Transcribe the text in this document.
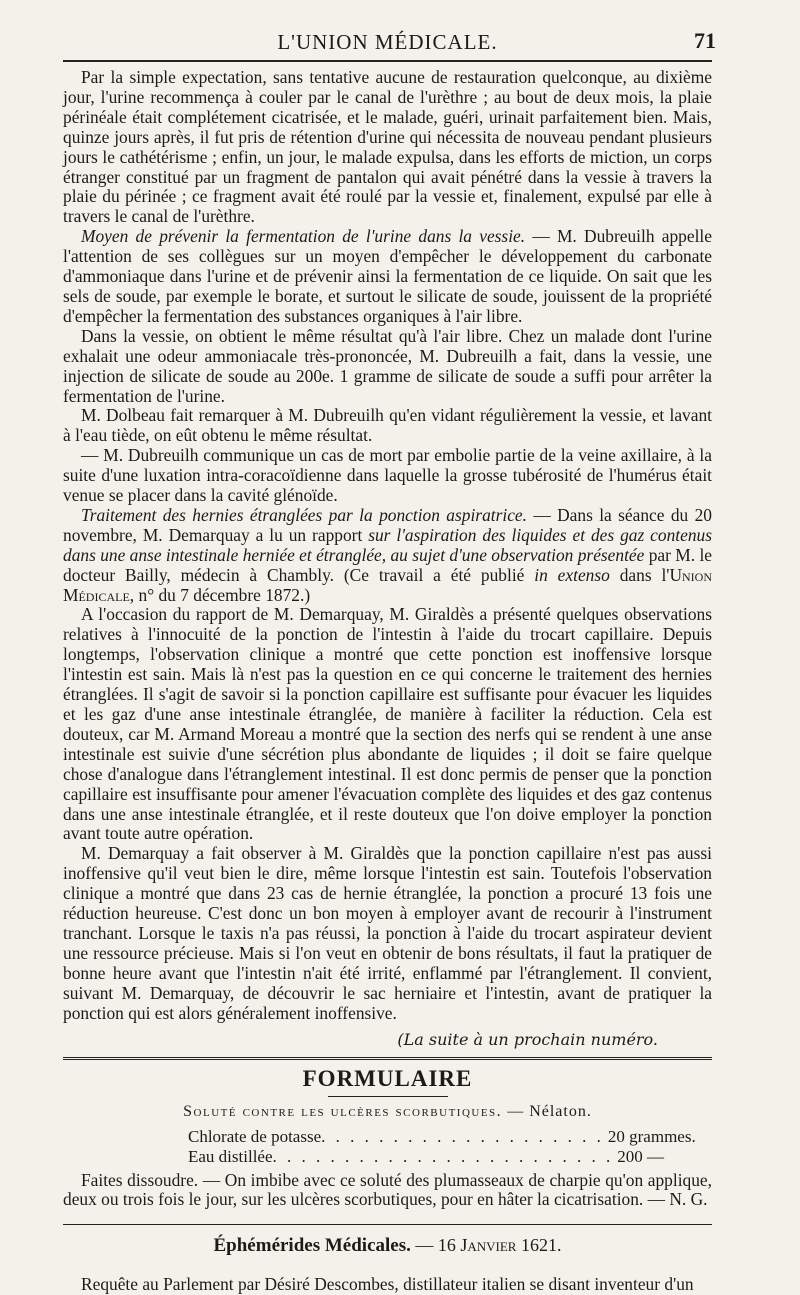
L'UNION MÉDICALE.	71

Par la simple expectation, sans tentative aucune de restauration quelconque, au dixième jour, l'urine recommença à couler par le canal de l'urèthre ; au bout de deux mois, la plaie périnéale était complétement cicatrisée, et le malade, guéri, urinait parfaitement bien. Mais, quinze jours après, il fut pris de rétention d'urine qui nécessita de nouveau pendant plusieurs jours le cathétérisme ; enfin, un jour, le malade expulsa, dans les efforts de miction, un corps étranger constitué par un fragment de pantalon qui avait pénétré dans la vessie à travers la plaie du périnée ; ce fragment avait été roulé par la vessie et, finalement, expulsé par elle à travers le canal de l'urèthre.

Moyen de prévenir la fermentation de l'urine dans la vessie. — M. Dubreuilh appelle l'attention de ses collègues sur un moyen d'empêcher le développement du carbonate d'ammoniaque dans l'urine et de prévenir ainsi la fermentation de ce liquide. On sait que les sels de soude, par exemple le borate, et surtout le silicate de soude, jouissent de la propriété d'empêcher la fermentation des substances organiques à l'air libre.

Dans la vessie, on obtient le même résultat qu'à l'air libre. Chez un malade dont l'urine exhalait une odeur ammoniacale très-prononcée, M. Dubreuilh a fait, dans la vessie, une injection de silicate de soude au 200e. 1 gramme de silicate de soude a suffi pour arrêter la fermentation de l'urine.

M. Dolbeau fait remarquer à M. Dubreuilh qu'en vidant régulièrement la vessie, et lavant à l'eau tiède, on eût obtenu le même résultat.

— M. Dubreuilh communique un cas de mort par embolie partie de la veine axillaire, à la suite d'une luxation intra-coracoïdienne dans laquelle la grosse tubérosité de l'humérus était venue se placer dans la cavité glénoïde.

Traitement des hernies étranglées par la ponction aspiratrice. — Dans la séance du 20 novembre, M. Demarquay a lu un rapport sur l'aspiration des liquides et des gaz contenus dans une anse intestinale herniée et étranglée, au sujet d'une observation présentée par M. le docteur Bailly, médecin à Chambly. (Ce travail a été publié in extenso dans l'Union Médicale, n° du 7 décembre 1872.)

A l'occasion du rapport de M. Demarquay, M. Giraldès a présenté quelques observations relatives à l'innocuité de la ponction de l'intestin à l'aide du trocart capillaire. Depuis longtemps, l'observation clinique a montré que cette ponction est inoffensive lorsque l'intestin est sain. Mais là n'est pas la question en ce qui concerne le traitement des hernies étranglées. Il s'agit de savoir si la ponction capillaire est suffisante pour évacuer les liquides et les gaz d'une anse intestinale étranglée, de manière à faciliter la réduction. Cela est douteux, car M. Armand Moreau a montré que la section des nerfs qui se rendent à une anse intestinale est suivie d'une sécrétion plus abondante de liquides ; il doit se faire quelque chose d'analogue dans l'étranglement intestinal. Il est donc permis de penser que la ponction capillaire est insuffisante pour amener l'évacuation complète des liquides et des gaz contenus dans une anse intestinale étranglée, et il reste douteux que l'on doive employer la ponction avant toute autre opération.

M. Demarquay a fait observer à M. Giraldès que la ponction capillaire n'est pas aussi inoffensive qu'il veut bien le dire, même lorsque l'intestin est sain. Toutefois l'observation clinique a montré que dans 23 cas de hernie étranglée, la ponction a procuré 13 fois une réduction heureuse. C'est donc un bon moyen à employer avant de recourir à l'instrument tranchant. Lorsque le taxis n'a pas réussi, la ponction à l'aide du trocart aspirateur devient une ressource précieuse. Mais si l'on veut en obtenir de bons résultats, il faut la pratiquer de bonne heure avant que l'intestin n'ait été irrité, enflammé par l'étranglement. Il convient, suivant M. Demarquay, de découvrir le sac herniaire et l'intestin, avant de pratiquer la ponction qui est alors généralement inoffensive.

(La suite à un prochain numéro.
FORMULAIRE
Soluté contre les ulcères scorbutiques. — Nélaton.
Chlorate de potasse . . . . . . . . . . . . . . . . . . . . 20 grammes.
Eau distillée . . . . . . . . . . . . . . . . . . . . . . . . 200 —
Faites dissoudre. — On imbibe avec ce soluté des plumasseaux de charpie qu'on applique, deux ou trois fois le jour, sur les ulcères scorbutiques, pour en hâter la cicatrisation. — N. G.
Éphémérides Médicales. — 16 Janvier 1621.
Requête au Parlement par Désiré Descombes, distillateur italien se disant inventeur d'un
